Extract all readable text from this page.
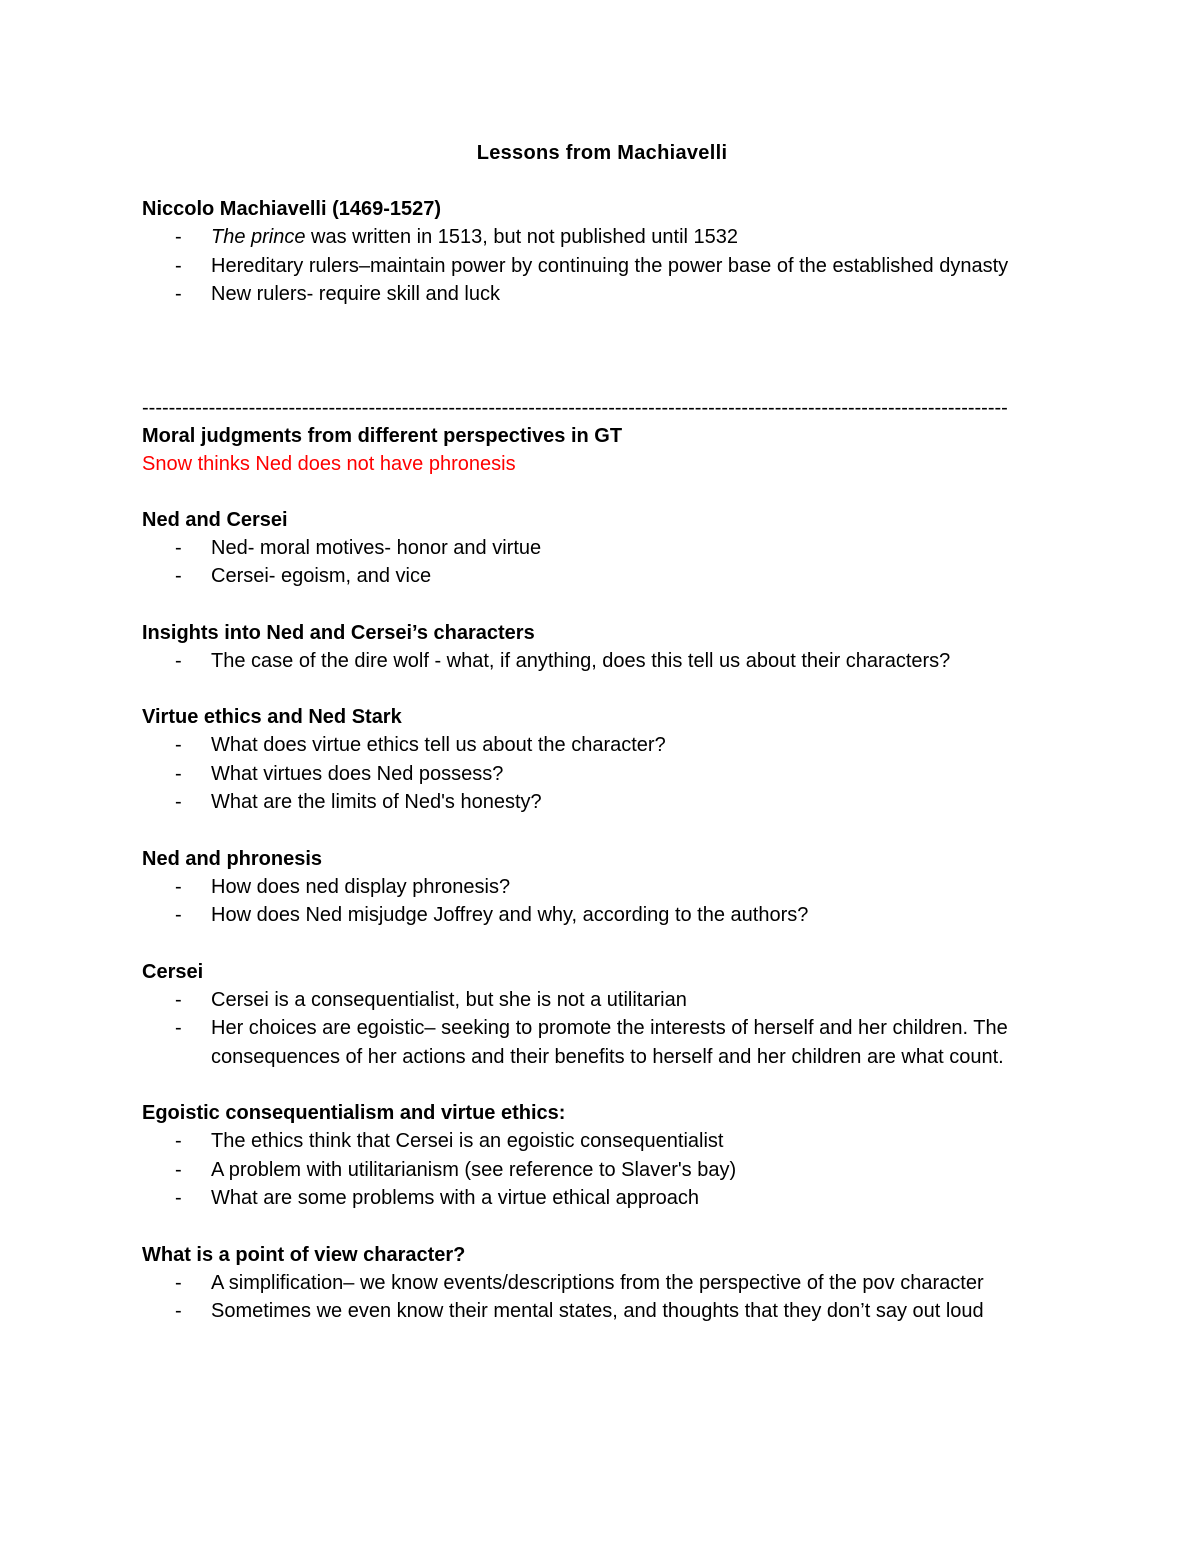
Lessons from Machiavelli
Niccolo Machiavelli (1469-1527)
- The prince was written in 1513, but not published until 1532
- Hereditary rulers–maintain power by continuing the power base of the established dynasty
- New rulers- require skill and luck
----------------------------------------------------------------------------------------------------------------------------------
Moral judgments from different perspectives in GT
Snow thinks Ned does not have phronesis
Ned and Cersei
- Ned- moral motives- honor and virtue
- Cersei- egoism, and vice
Insights into Ned and Cersei’s characters
- The case of the dire wolf - what, if anything, does this tell us about their characters?
Virtue ethics and Ned Stark
- What does virtue ethics tell us about the character?
- What virtues does Ned possess?
- What are the limits of Ned's honesty?
Ned and phronesis
- How does ned display phronesis?
- How does Ned misjudge Joffrey and why, according to the authors?
Cersei
- Cersei is a consequentialist, but she is not a utilitarian
- Her choices are egoistic– seeking to promote the interests of herself and her children. The consequences of her actions and their benefits to herself and her children are what count.
Egoistic consequentialism and virtue ethics:
- The ethics think that Cersei is an egoistic consequentialist
- A problem with utilitarianism (see reference to Slaver's bay)
- What are some problems with a virtue ethical approach
What is a point of view character?
- A simplification– we know events/descriptions from the perspective of the pov character
- Sometimes we even know their mental states, and thoughts that they don’t say out loud
